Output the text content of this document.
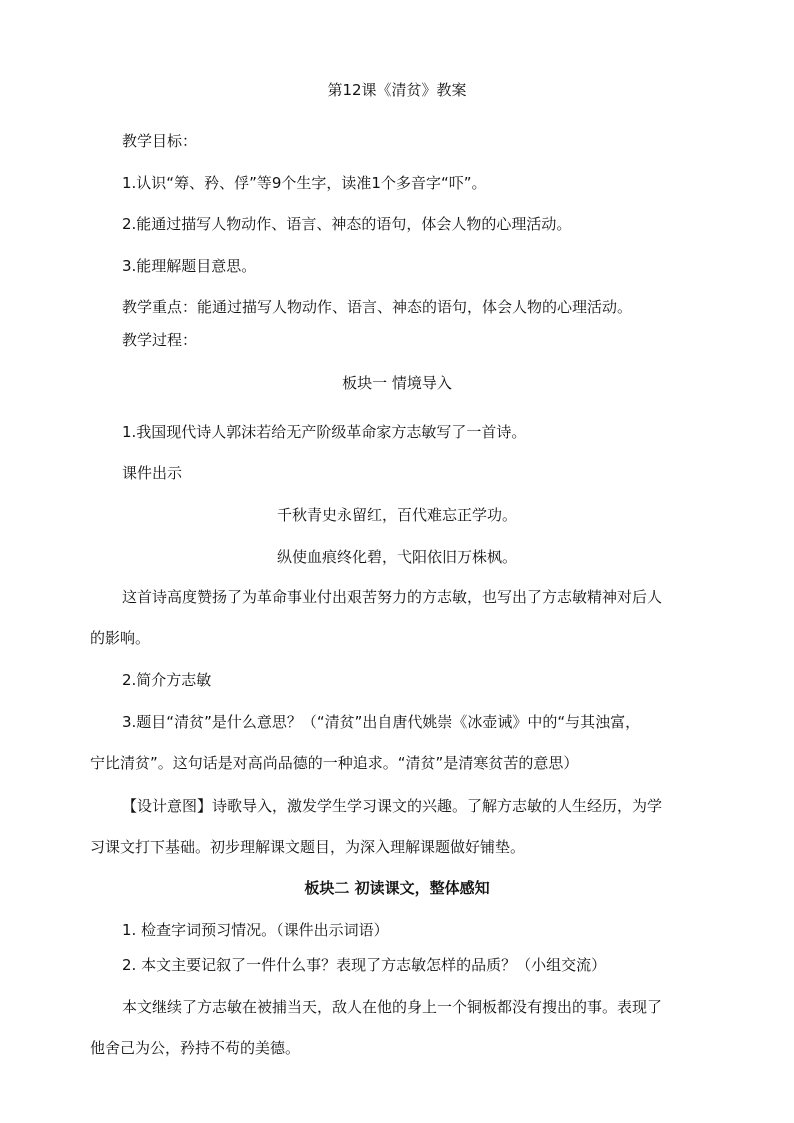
第12课《清贫》教案
教学目标：
1.认识“筹、矜、俘”等9个生字，读准1个多音字“吓”。
2.能通过描写人物动作、语言、神态的语句，体会人物的心理活动。
3.能理解题目意思。
教学重点：能通过描写人物动作、语言、神态的语句，体会人物的心理活动。
教学过程：
板块一 情境导入
1.我国现代诗人郭沫若给无产阶级革命家方志敏写了一首诗。
课件出示
千秋青史永留红，百代难忘正学功。
纵使血痕终化碧，弋阳依旧万株枫。
这首诗高度赞扬了为革命事业付出艰苦努力的方志敏，也写出了方志敏精神对后人
的影响。
2.简介方志敏
3.题目“清贫”是什么意思？（“清贫”出自唐代姚崇《冰壶诫》中的“与其浊富，
宁比清贫”。这句话是对高尚品德的一种追求。“清贫”是清寒贫苦的意思）
【设计意图】诗歌导入，激发学生学习课文的兴趣。了解方志敏的人生经历，为学
习课文打下基础。初步理解课文题目，为深入理解课题做好铺垫。
板块二 初读课文，整体感知
1. 检查字词预习情况。（课件出示词语）
2. 本文主要记叙了一件什么事？表现了方志敏怎样的品质？（小组交流）
本文继续了方志敏在被捕当天，敌人在他的身上一个铜板都没有搜出的事。表现了
他舍己为公，矜持不苟的美德。
